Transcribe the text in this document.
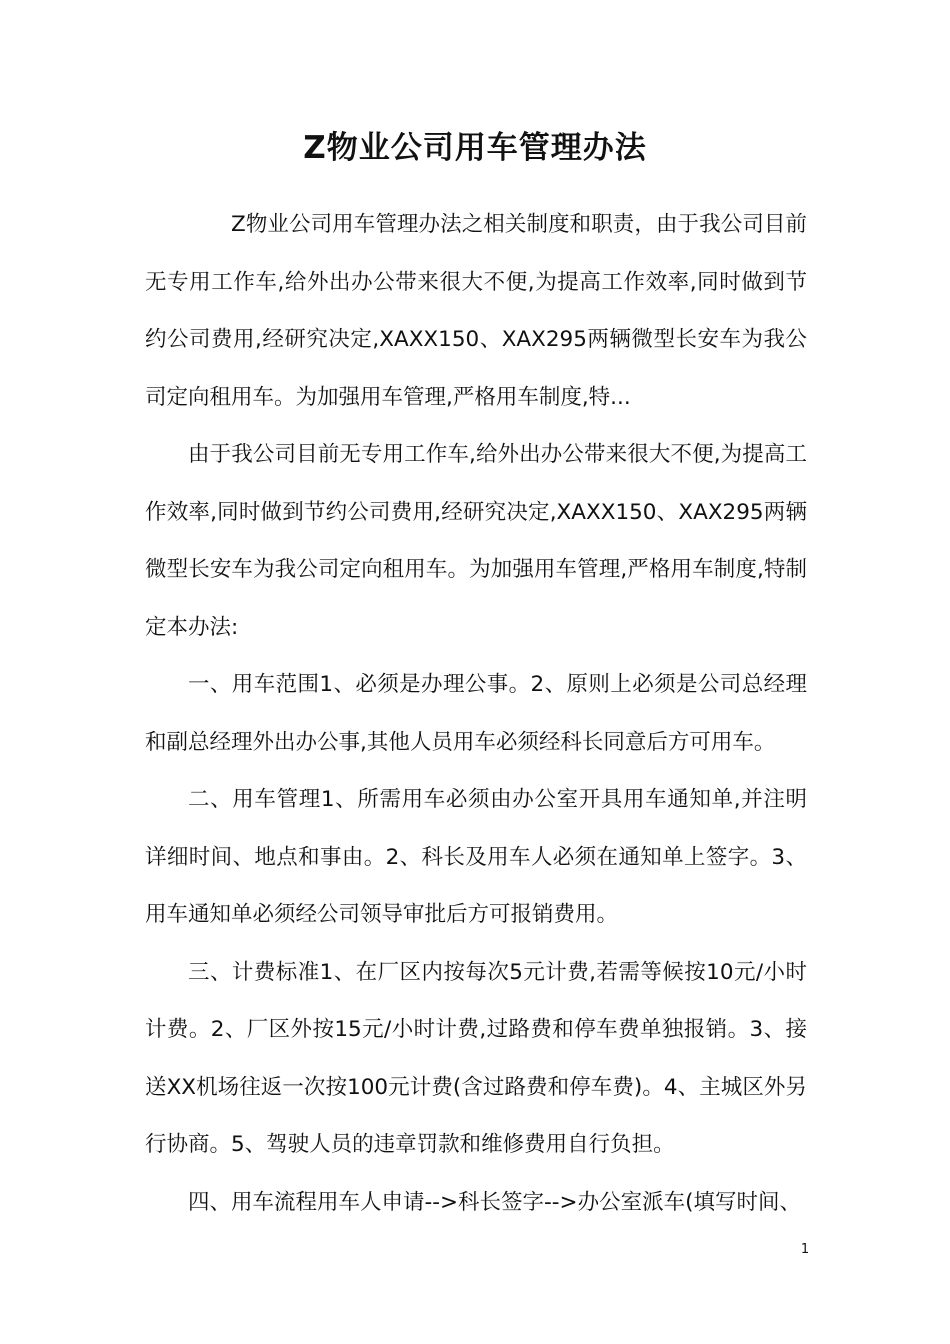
Z物业公司用车管理办法

Z物业公司用车管理办法之相关制度和职责，由于我公司目前无专用工作车,给外出办公带来很大不便,为提高工作效率,同时做到节约公司费用,经研究决定,XAXX150、XAX295两辆微型长安车为我公司定向租用车。为加强用车管理,严格用车制度,特...

由于我公司目前无专用工作车,给外出办公带来很大不便,为提高工作效率,同时做到节约公司费用,经研究决定,XAXX150、XAX295两辆微型长安车为我公司定向租用车。为加强用车管理,严格用车制度,特制定本办法:

一、用车范围1、必须是办理公事。2、原则上必须是公司总经理和副总经理外出办公事,其他人员用车必须经科长同意后方可用车。

二、用车管理1、所需用车必须由办公室开具用车通知单,并注明详细时间、地点和事由。2、科长及用车人必须在通知单上签字。3、用车通知单必须经公司领导审批后方可报销费用。

三、计费标准1、在厂区内按每次5元计费,若需等候按10元/小时计费。2、厂区外按15元/小时计费,过路费和停车费单独报销。3、接送XX机场往返一次按100元计费(含过路费和停车费)。4、主城区外另行协商。5、驾驶人员的违章罚款和维修费用自行负担。

四、用车流程用车人申请-->科长签字-->办公室派车(填写时间、

1
